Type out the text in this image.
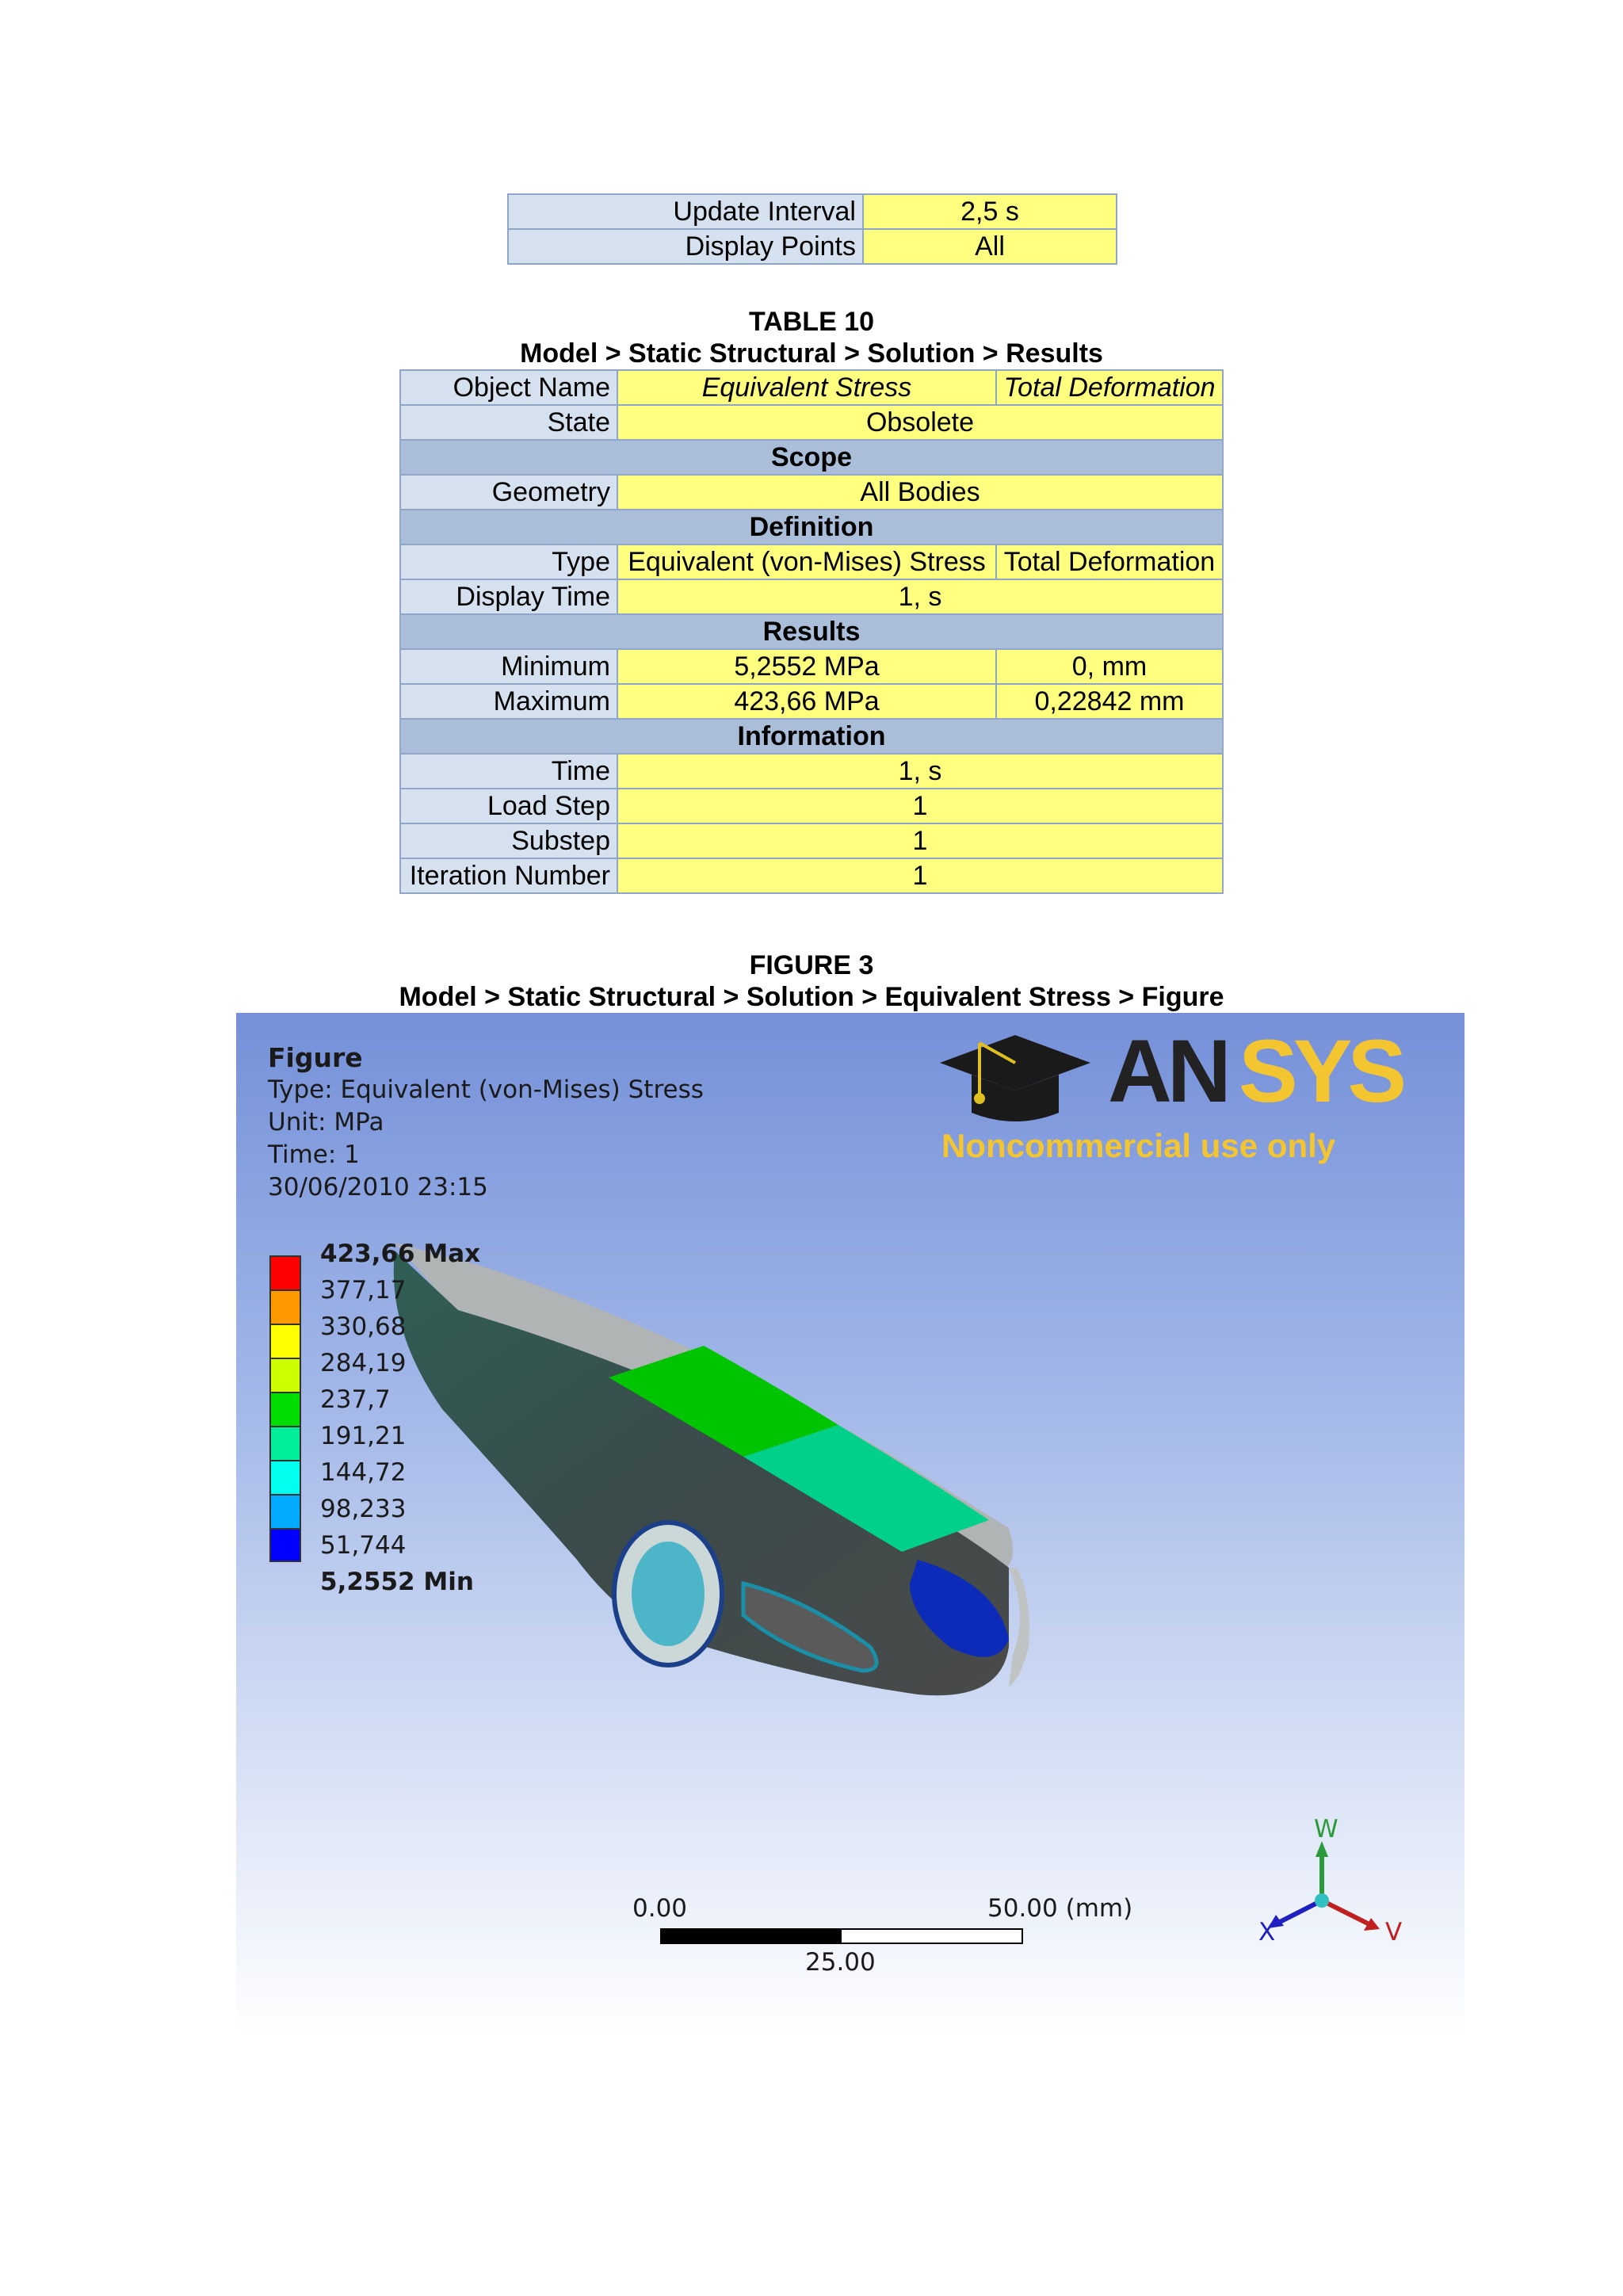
Update Interval	2,5 s
Display Points	All
TABLE 10
Model > Static Structural > Solution > Results
Object Name	Equivalent Stress	Total Deformation
State	Obsolete	
Scope		
Geometry	All Bodies	
Definition		
Type	Equivalent (von-Mises) Stress	Total Deformation
Display Time	1, s	
Results		
Minimum	5,2552 MPa	0, mm
Maximum	423,66 MPa	0,22842 mm
Information		
Time	1, s	
Load Step	1	
Substep	1	
Iteration Number	1	
FIGURE 3
Model > Static Structural > Solution > Equivalent Stress > Figure
Figure
Type: Equivalent (von-Mises) Stress
Unit: MPa
Time: 1
30/06/2010 23:15
423,66 Max
377,17
330,68
284,19
237,7
191,21
144,72
98,233
51,744
5,2552 Min
AN SYS
Noncommercial use only
0.00	50.00 (mm)
25.00
W
X	V
